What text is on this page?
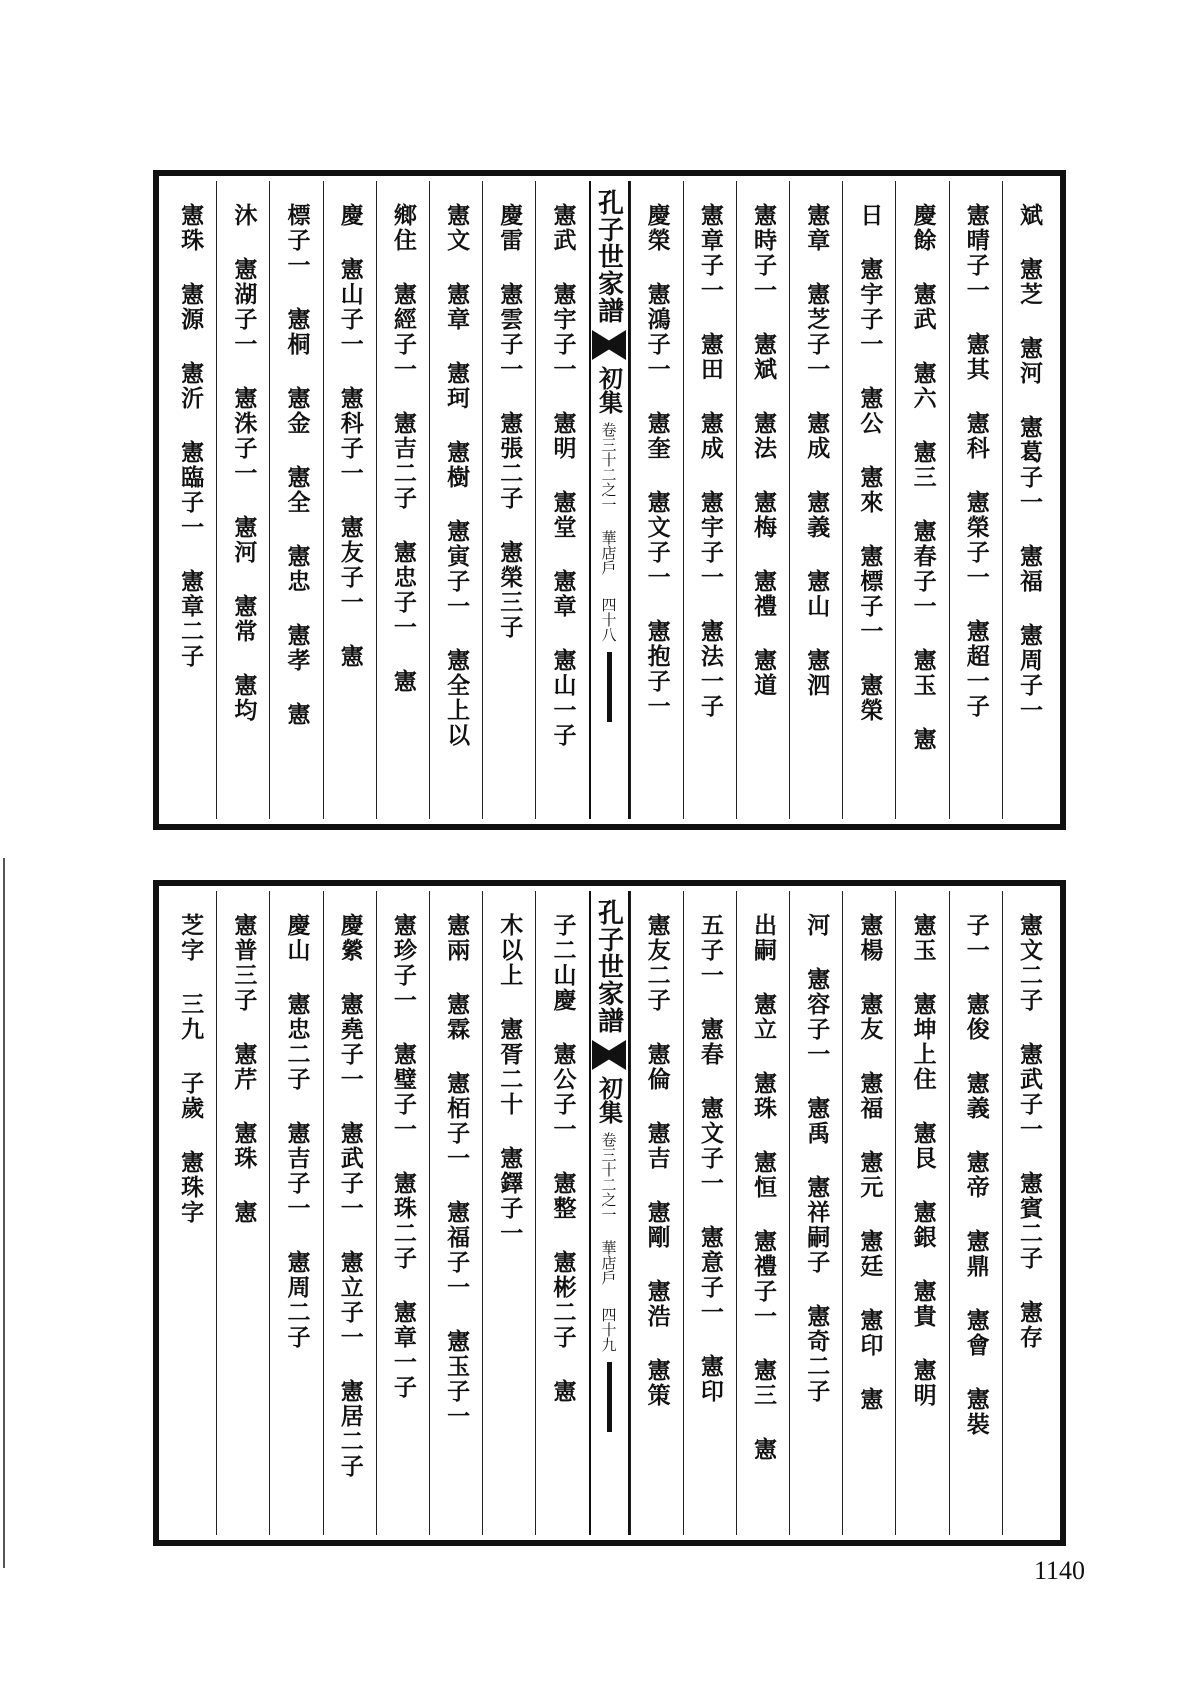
斌 憲芝 憲河 憲葛子一 憲福 憲周子一
憲晴子一 憲其 憲科 憲榮子一 憲超一子
慶餘 憲武 憲六 憲三 憲春子一 憲玉 憲
日 憲宇子一 憲公 憲來 憲標子一 憲榮
憲章 憲芝子一 憲成 憲義 憲山 憲泗
憲時子一 憲斌 憲法 憲梅 憲禮 憲道
憲章子一 憲田 憲成 憲宇子一 憲法一子
慶榮 憲鴻子一 憲奎 憲文子一 憲抱子一
孔子世家譜
初集
卷三十二之一
華店戶
四十八
憲武 憲宇子一 憲明 憲堂 憲章 憲山一子
慶雷 憲雲子一 憲張二子 憲榮三子
憲文 憲章 憲珂 憲樹 憲寅子一 憲全上以
鄉住 憲經子一 憲吉二子 憲忠子一 憲
慶 憲山子一 憲科子一 憲友子一 憲
標子一 憲桐 憲金 憲全 憲忠 憲孝 憲
沐 憲湖子一 憲洙子一 憲河 憲常 憲均
憲珠 憲源 憲沂 憲臨子一 憲章二子
憲文二子 憲武子一 憲賓二子 憲存
子一 憲俊 憲義 憲帝 憲鼎 憲會 憲裝
憲玉 憲坤上住 憲艮 憲銀 憲貴 憲明
憲楊 憲友 憲福 憲元 憲廷 憲印 憲
河 憲容子一 憲禹 憲祥嗣子 憲奇二子
出嗣 憲立 憲珠 憲恒 憲禮子一 憲三 憲
五子一 憲春 憲文子一 憲意子一 憲印
憲友二子 憲倫 憲吉 憲剛 憲浩 憲策
孔子世家譜
初集
卷三十二之一
華店戶
四十九
子二山慶 憲公子一 憲整 憲彬二子 憲
木以上 憲胥二十 憲鐸子一
憲兩 憲霖 憲栢子一 憲福子一 憲玉子一
憲珍子一 憲璧子一 憲珠二子 憲章一子
慶縈 憲堯子一 憲武子一 憲立子一 憲居二子
慶山 憲忠二子 憲吉子一 憲周二子
憲普三子 憲芹 憲珠 憲
芝字 三九 子歲 憲珠字
1140
